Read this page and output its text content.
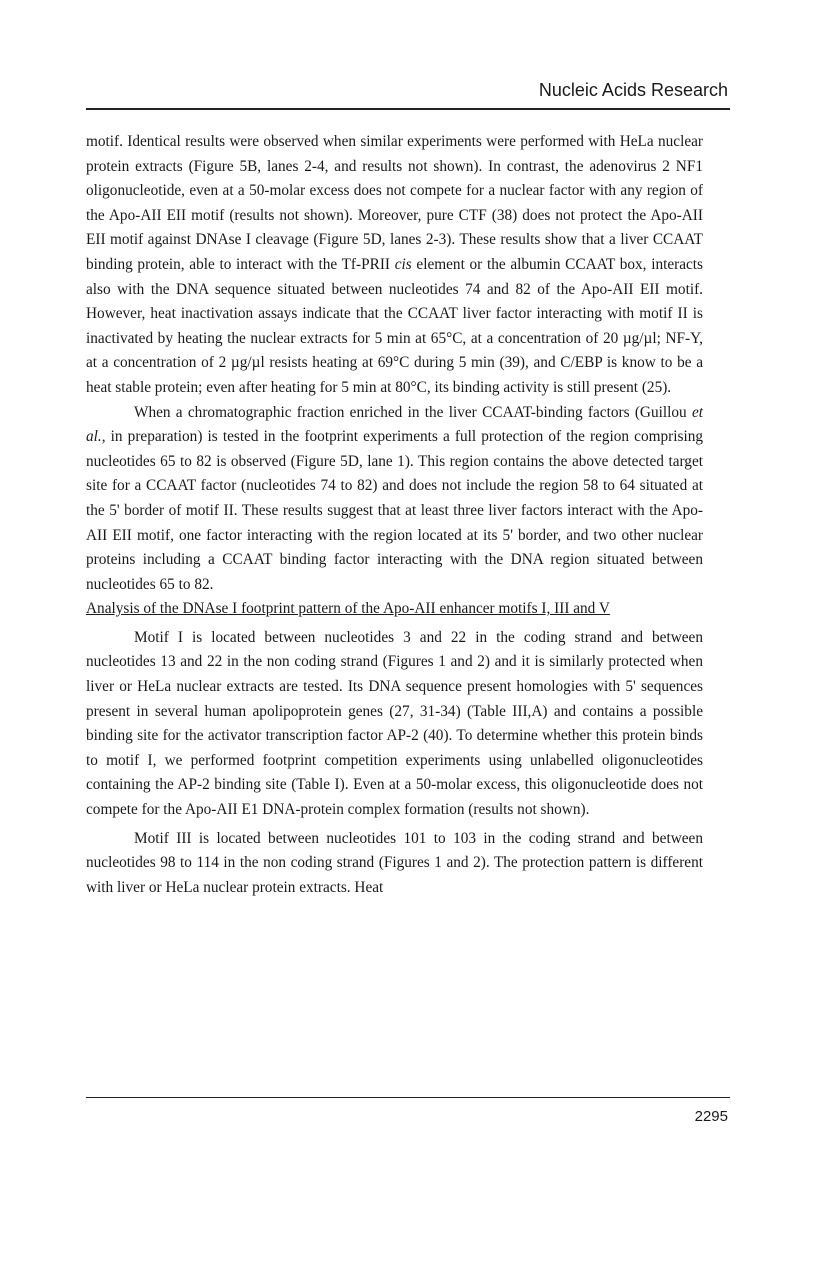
Nucleic Acids Research

motif. Identical results were observed when similar experiments were performed with HeLa nuclear protein extracts (Figure 5B, lanes 2-4, and results not shown). In contrast, the adenovirus 2 NF1 oligonucleotide, even at a 50-molar excess does not compete for a nuclear factor with any region of the Apo-AII EII motif (results not shown). Moreover, pure CTF (38) does not protect the Apo-AII EII motif against DNAse I cleavage (Figure 5D, lanes 2-3). These results show that a liver CCAAT binding protein, able to interact with the Tf-PRII cis element or the albumin CCAAT box, interacts also with the DNA sequence situated between nucleotides 74 and 82 of the Apo-AII EII motif. However, heat inactivation assays indicate that the CCAAT liver factor interacting with motif II is inactivated by heating the nuclear extracts for 5 min at 65°C, at a concentration of 20 µg/µl; NF-Y, at a concentration of 2 µg/µl resists heating at 69°C during 5 min (39), and C/EBP is know to be a heat stable protein; even after heating for 5 min at 80°C, its binding activity is still present (25).

When a chromatographic fraction enriched in the liver CCAAT-binding factors (Guillou et al., in preparation) is tested in the footprint experiments a full protection of the region comprising nucleotides 65 to 82 is observed (Figure 5D, lane 1). This region contains the above detected target site for a CCAAT factor (nucleotides 74 to 82) and does not include the region 58 to 64 situated at the 5' border of motif II. These results suggest that at least three liver factors interact with the Apo-AII EII motif, one factor interacting with the region located at its 5' border, and two other nuclear proteins including a CCAAT binding factor interacting with the DNA region situated between nucleotides 65 to 82.

Analysis of the DNAse I footprint pattern of the Apo-AII enhancer motifs I, III and V

Motif I is located between nucleotides 3 and 22 in the coding strand and between nucleotides 13 and 22 in the non coding strand (Figures 1 and 2) and it is similarly protected when liver or HeLa nuclear extracts are tested. Its DNA sequence present homologies with 5' sequences present in several human apolipoprotein genes (27, 31-34) (Table III,A) and contains a possible binding site for the activator transcription factor AP-2 (40). To determine whether this protein binds to motif I, we performed footprint competition experiments using unlabelled oligonucleotides containing the AP-2 binding site (Table I). Even at a 50-molar excess, this oligonucleotide does not compete for the Apo-AII E1 DNA-protein complex formation (results not shown).

Motif III is located between nucleotides 101 to 103 in the coding strand and between nucleotides 98 to 114 in the non coding strand (Figures 1 and 2). The protection pattern is different with liver or HeLa nuclear protein extracts. Heat

2295
